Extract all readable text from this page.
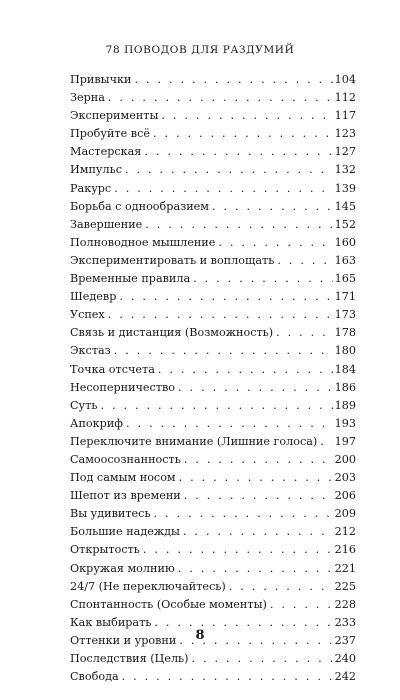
78 ПОВОДОВ ДЛЯ РАЗДУМИЙ
Привычки . . .	104
Зерна . . .	112
Эксперименты . . .	117
Пробуйте всё . . .	123
Мастерская . . .	127
Импульс . . .	132
Ракурс . . .	139
Борьба с однообразием . . .	145
Завершение . . .	152
Полноводное мышление . . .	160
Экспериментировать и воплощать . . .	163
Временные правила . . .	165
Шедевр . . .	171
Успех . . .	173
Связь и дистанция (Возможность) . . .	178
Экстаз . . .	180
Точка отсчета . . .	184
Несоперничество . . .	186
Суть . . .	189
Апокриф . . .	193
Переключите внимание (Лишние голоса) . . . 197
Самоосознанность . . .	200
Под самым носом . . .	203
Шепот из времени . . .	206
Вы удивитесь . . .	209
Большие надежды . . .	212
Открытость . . .	216
Окружая молнию . . .	221
24/7 (Не переключайтесь) . . .	225
Спонтанность (Особые моменты) . . .	228
Как выбирать . . .	233
Оттенки и уровни . . .	237
Последствия (Цель) . . .	240
Свобода . . .	242
8
